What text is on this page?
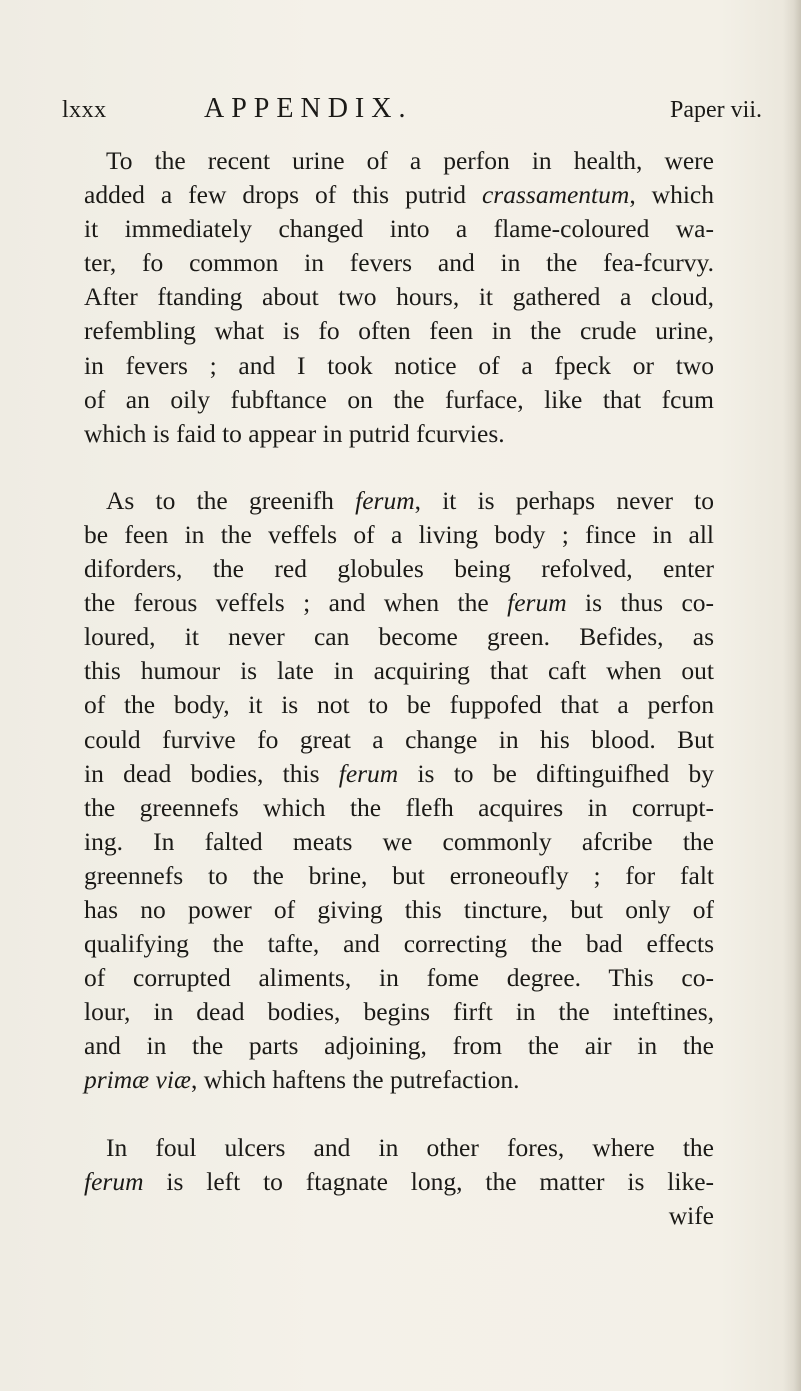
lxxx	APPENDIX.	Paper vii.
To the recent urine of a perfon in health, were
added a few drops of this putrid crassamentum, which
it immediately changed into a flame-coloured wa-
ter, fo common in fevers and in the fea-fcurvy.
After ftanding about two hours, it gathered a cloud,
refembling what is fo often feen in the crude urine,
in fevers ; and I took notice of a fpeck or two
of an oily fubftance on the furface, like that fcum
which is faid to appear in putrid fcurvies.
As to the greenifh ferum, it is perhaps never to
be feen in the veffels of a living body ; fince in all
diforders, the red globules being refolved, enter
the ferous veffels ; and when the ferum is thus co-
loured, it never can become green. Befides, as
this humour is late in acquiring that caft when out
of the body, it is not to be fuppofed that a perfon
could furvive fo great a change in his blood. But
in dead bodies, this ferum is to be diftinguifhed by
the greennefs which the flefh acquires in corrupt-
ing. In falted meats we commonly afcribe the
greennefs to the brine, but erroneoufly ; for falt
has no power of giving this tincture, but only of
qualifying the tafte, and correcting the bad effects
of corrupted aliments, in fome degree. This co-
lour, in dead bodies, begins firft in the inteftines,
and in the parts adjoining, from the air in the
primæ viæ, which haftens the putrefaction.
In foul ulcers and in other fores, where the
ferum is left to ftagnate long, the matter is like-
wife
